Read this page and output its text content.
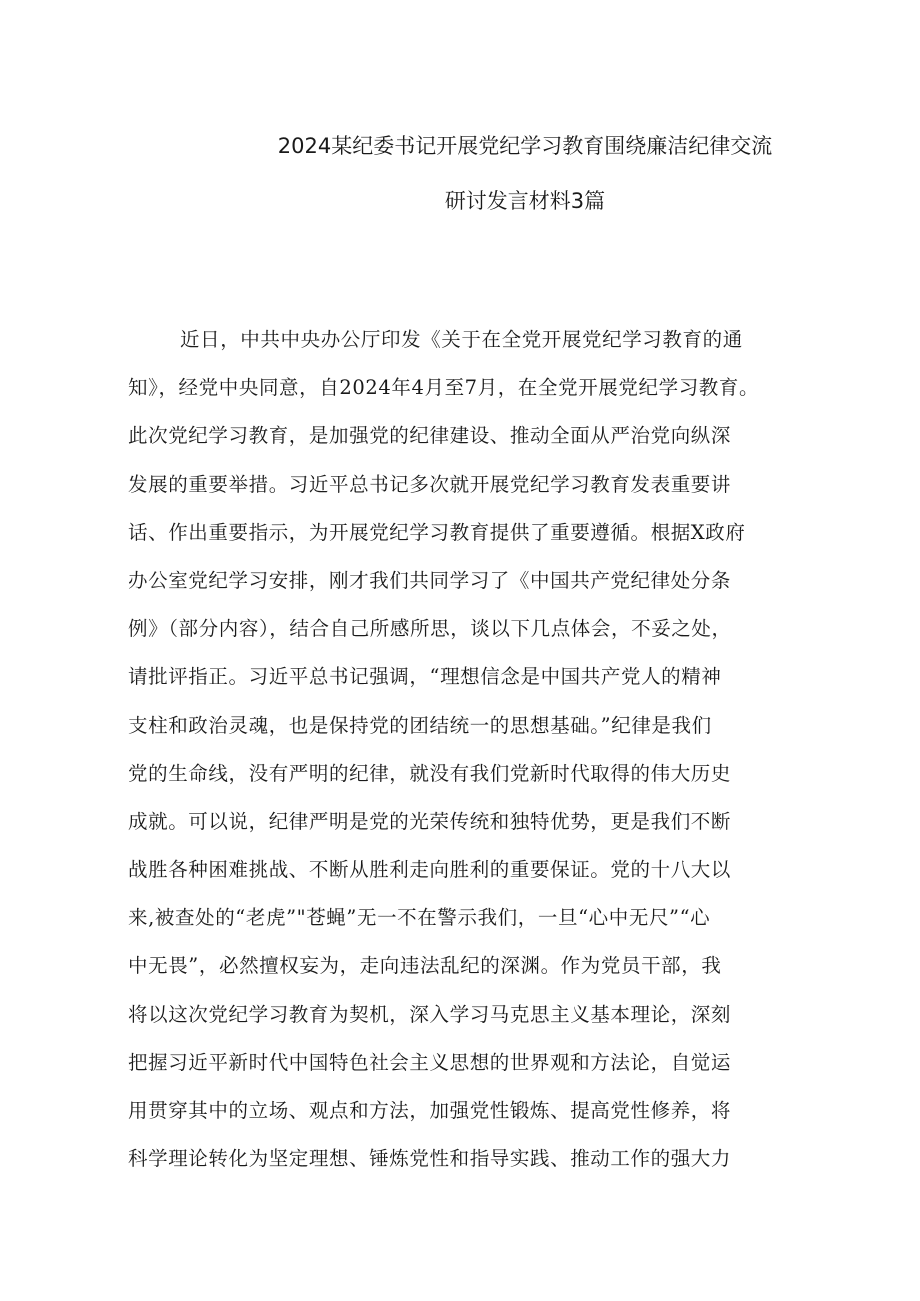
2024某纪委书记开展党纪学习教育围绕廉洁纪律交流
研讨发言材料3篇
近日，中共中央办公厅印发《关于在全党开展党纪学习教育的通
知》，经党中央同意，自2024年4月至7月，在全党开展党纪学习教育。
此次党纪学习教育，是加强党的纪律建设、推动全面从严治党向纵深
发展的重要举措。习近平总书记多次就开展党纪学习教育发表重要讲
话、作出重要指示，为开展党纪学习教育提供了重要遵循。根据X政府
办公室党纪学习安排，刚才我们共同学习了《中国共产党纪律处分条
例》（部分内容），结合自己所感所思，谈以下几点体会，不妥之处，
请批评指正。习近平总书记强调，“理想信念是中国共产党人的精神
支柱和政治灵魂，也是保持党的团结统一的思想基础。”纪律是我们
党的生命线，没有严明的纪律，就没有我们党新时代取得的伟大历史
成就。可以说，纪律严明是党的光荣传统和独特优势，更是我们不断
战胜各种困难挑战、不断从胜利走向胜利的重要保证。党的十八大以
来,被查处的“老虎”"苍蝇”无一不在警示我们，一旦“心中无尺”“心
中无畏”，必然擅权妄为，走向违法乱纪的深渊。作为党员干部，我
将以这次党纪学习教育为契机，深入学习马克思主义基本理论，深刻
把握习近平新时代中国特色社会主义思想的世界观和方法论，自觉运
用贯穿其中的立场、观点和方法，加强党性锻炼、提高党性修养，将
科学理论转化为坚定理想、锤炼党性和指导实践、推动工作的强大力
